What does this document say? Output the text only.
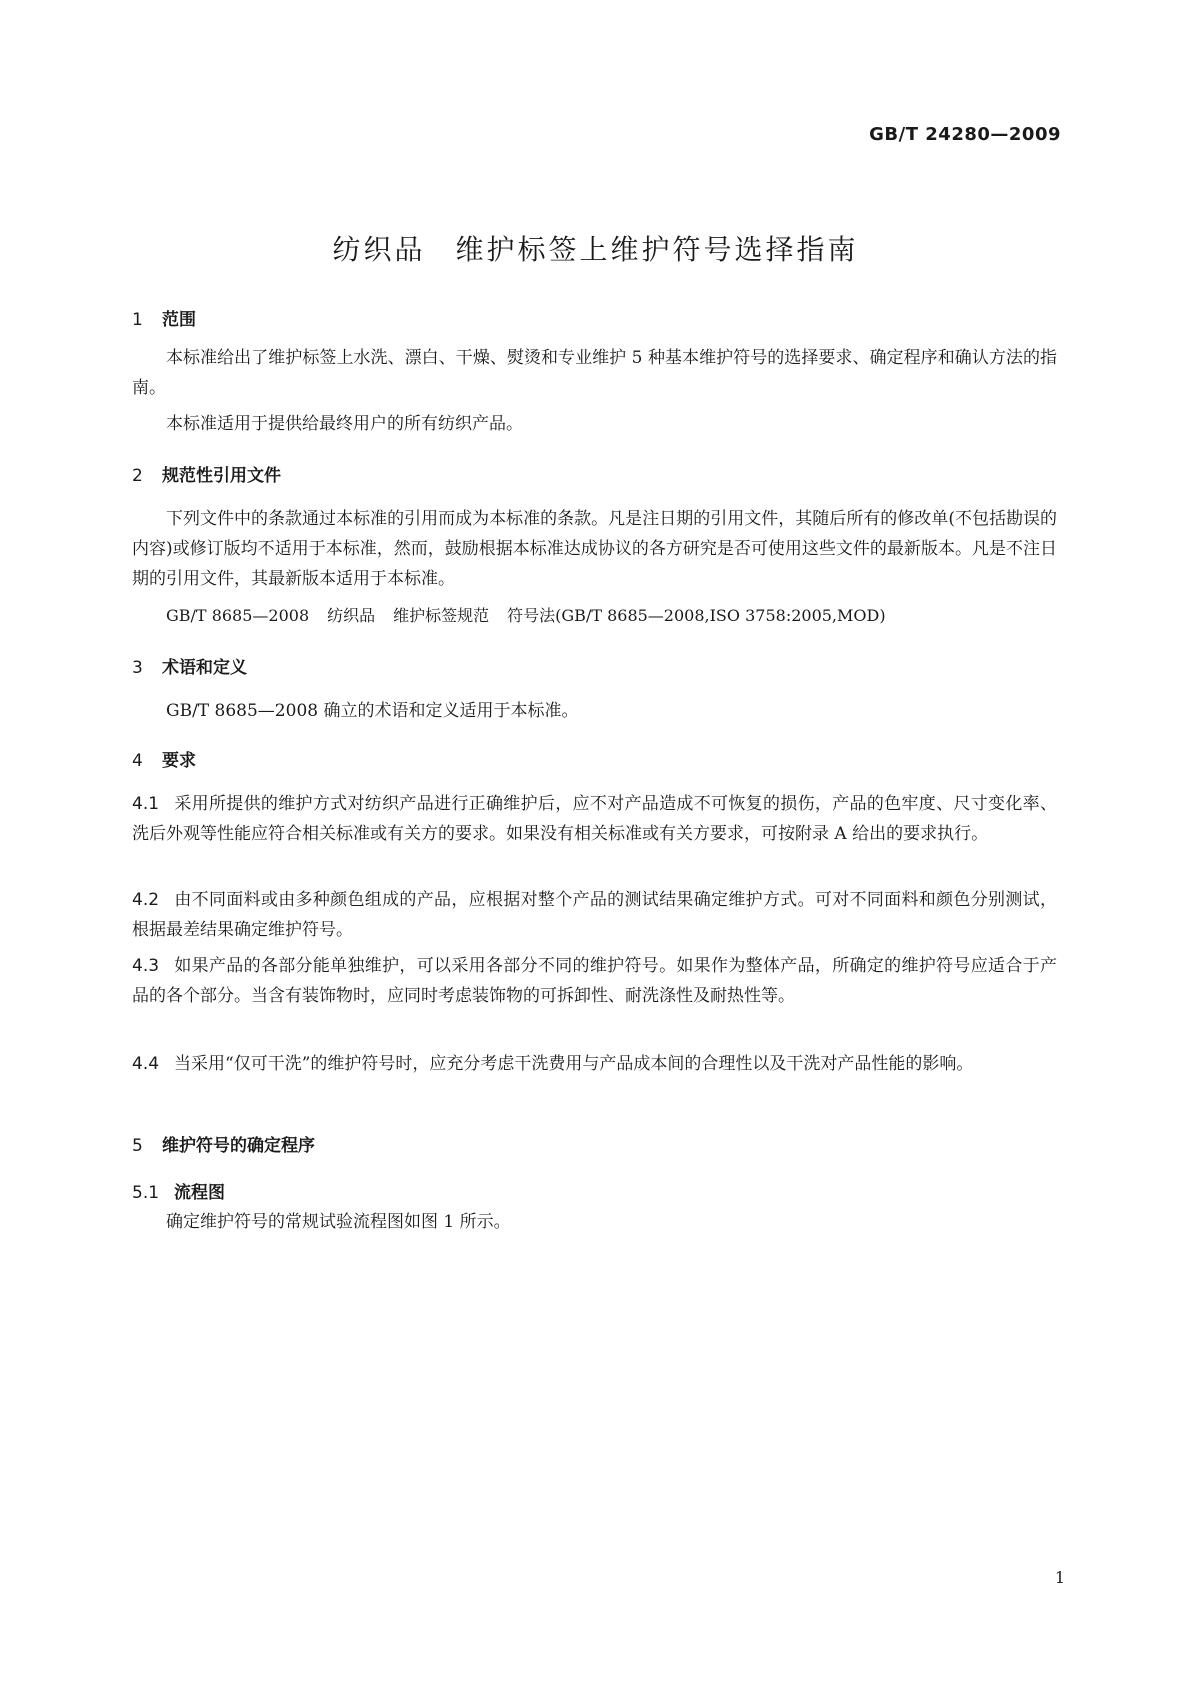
GB/T 24280—2009
纺织品 维护标签上维护符号选择指南
1 范围
本标准给出了维护标签上水洗、漂白、干燥、熨烫和专业维护 5 种基本维护符号的选择要求、确定程序和确认方法的指南。
本标准适用于提供给最终用户的所有纺织产品。
2 规范性引用文件
下列文件中的条款通过本标准的引用而成为本标准的条款。凡是注日期的引用文件，其随后所有的修改单(不包括勘误的内容)或修订版均不适用于本标准，然而，鼓励根据本标准达成协议的各方研究是否可使用这些文件的最新版本。凡是不注日期的引用文件，其最新版本适用于本标准。
GB/T 8685—2008 纺织品 维护标签规范 符号法(GB/T 8685—2008,ISO 3758:2005,MOD)
3 术语和定义
GB/T 8685—2008 确立的术语和定义适用于本标准。
4 要求
4.1 采用所提供的维护方式对纺织产品进行正确维护后，应不对产品造成不可恢复的损伤，产品的色牢度、尺寸变化率、洗后外观等性能应符合相关标准或有关方的要求。如果没有相关标准或有关方要求，可按附录 A 给出的要求执行。
4.2 由不同面料或由多种颜色组成的产品，应根据对整个产品的测试结果确定维护方式。可对不同面料和颜色分别测试，根据最差结果确定维护符号。
4.3 如果产品的各部分能单独维护，可以采用各部分不同的维护符号。如果作为整体产品，所确定的维护符号应适合于产品的各个部分。当含有装饰物时，应同时考虑装饰物的可拆卸性、耐洗涤性及耐热性等。
4.4 当采用“仅可干洗”的维护符号时，应充分考虑干洗费用与产品成本间的合理性以及干洗对产品性能的影响。
5 维护符号的确定程序
5.1 流程图
确定维护符号的常规试验流程图如图 1 所示。
1
